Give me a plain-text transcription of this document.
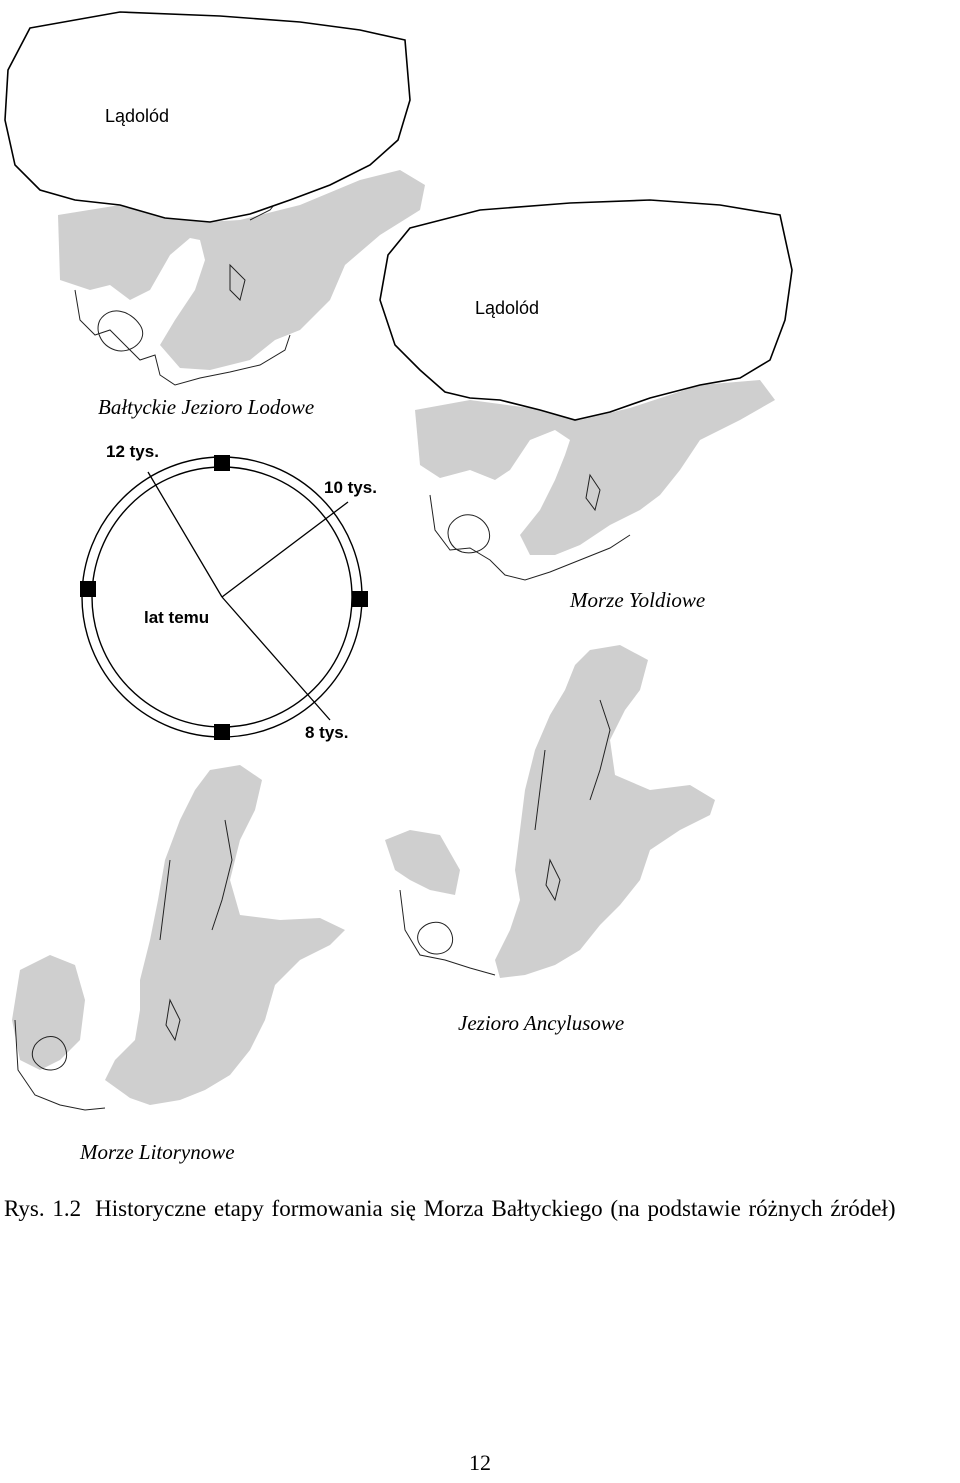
Lądolód
Bałtyckie Jezioro Lodowe
Lądolód
Morze Yoldiowe
12 tys.
10 tys.
8 tys.
lat temu
Jezioro Ancylusowe
Morze Litorynowe
Rys. 1.2 Historyczne etapy formowania się Morza Bałtyckiego (na podstawie różnych źródeł)
12
